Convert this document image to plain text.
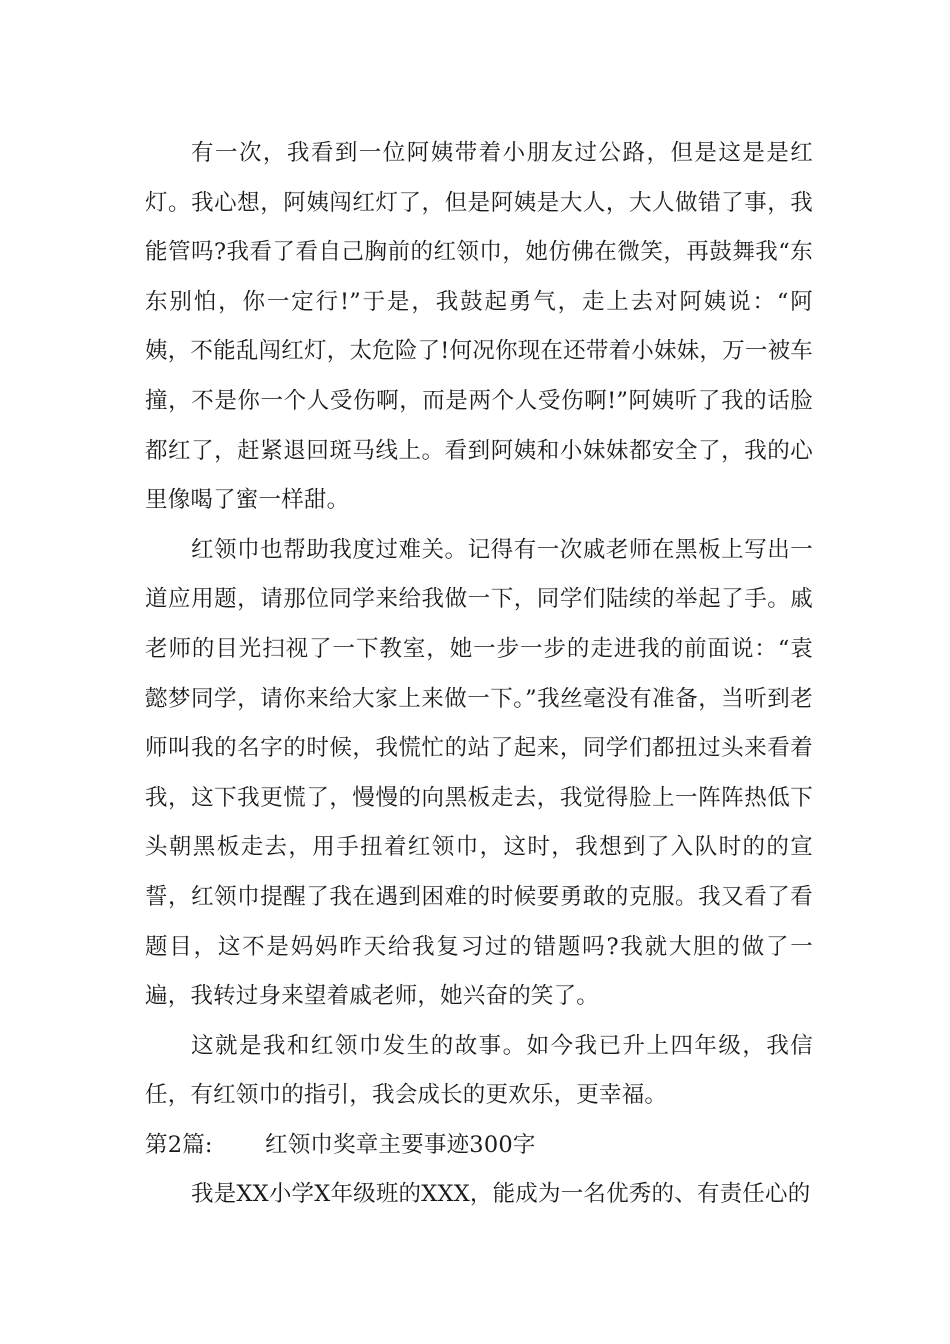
有一次，我看到一位阿姨带着小朋友过公路，但是这是是红灯。我心想，阿姨闯红灯了，但是阿姨是大人，大人做错了事，我能管吗?我看了看自己胸前的红领巾，她仿佛在微笑，再鼓舞我“东东别怕，你一定行!”于是，我鼓起勇气，走上去对阿姨说：“阿姨，不能乱闯红灯，太危险了!何况你现在还带着小妹妹，万一被车撞，不是你一个人受伤啊，而是两个人受伤啊!”阿姨听了我的话脸都红了，赶紧退回斑马线上。看到阿姨和小妹妹都安全了，我的心里像喝了蜜一样甜。

红领巾也帮助我度过难关。记得有一次戚老师在黑板上写出一道应用题，请那位同学来给我做一下，同学们陆续的举起了手。戚老师的目光扫视了一下教室，她一步一步的走进我的前面说：“袁懿梦同学，请你来给大家上来做一下。”我丝毫没有准备，当听到老师叫我的名字的时候，我慌忙的站了起来，同学们都扭过头来看着我，这下我更慌了，慢慢的向黑板走去，我觉得脸上一阵阵热低下头朝黑板走去，用手扭着红领巾，这时，我想到了入队时的的宣誓，红领巾提醒了我在遇到困难的时候要勇敢的克服。我又看了看题目，这不是妈妈昨天给我复习过的错题吗?我就大胆的做了一遍，我转过身来望着戚老师，她兴奋的笑了。

这就是我和红领巾发生的故事。如今我已升上四年级，我信任，有红领巾的指引，我会成长的更欢乐，更幸福。

第2篇: 红领巾奖章主要事迹300字

我是XX小学X年级班的XXX，能成为一名优秀的、有责任心的
